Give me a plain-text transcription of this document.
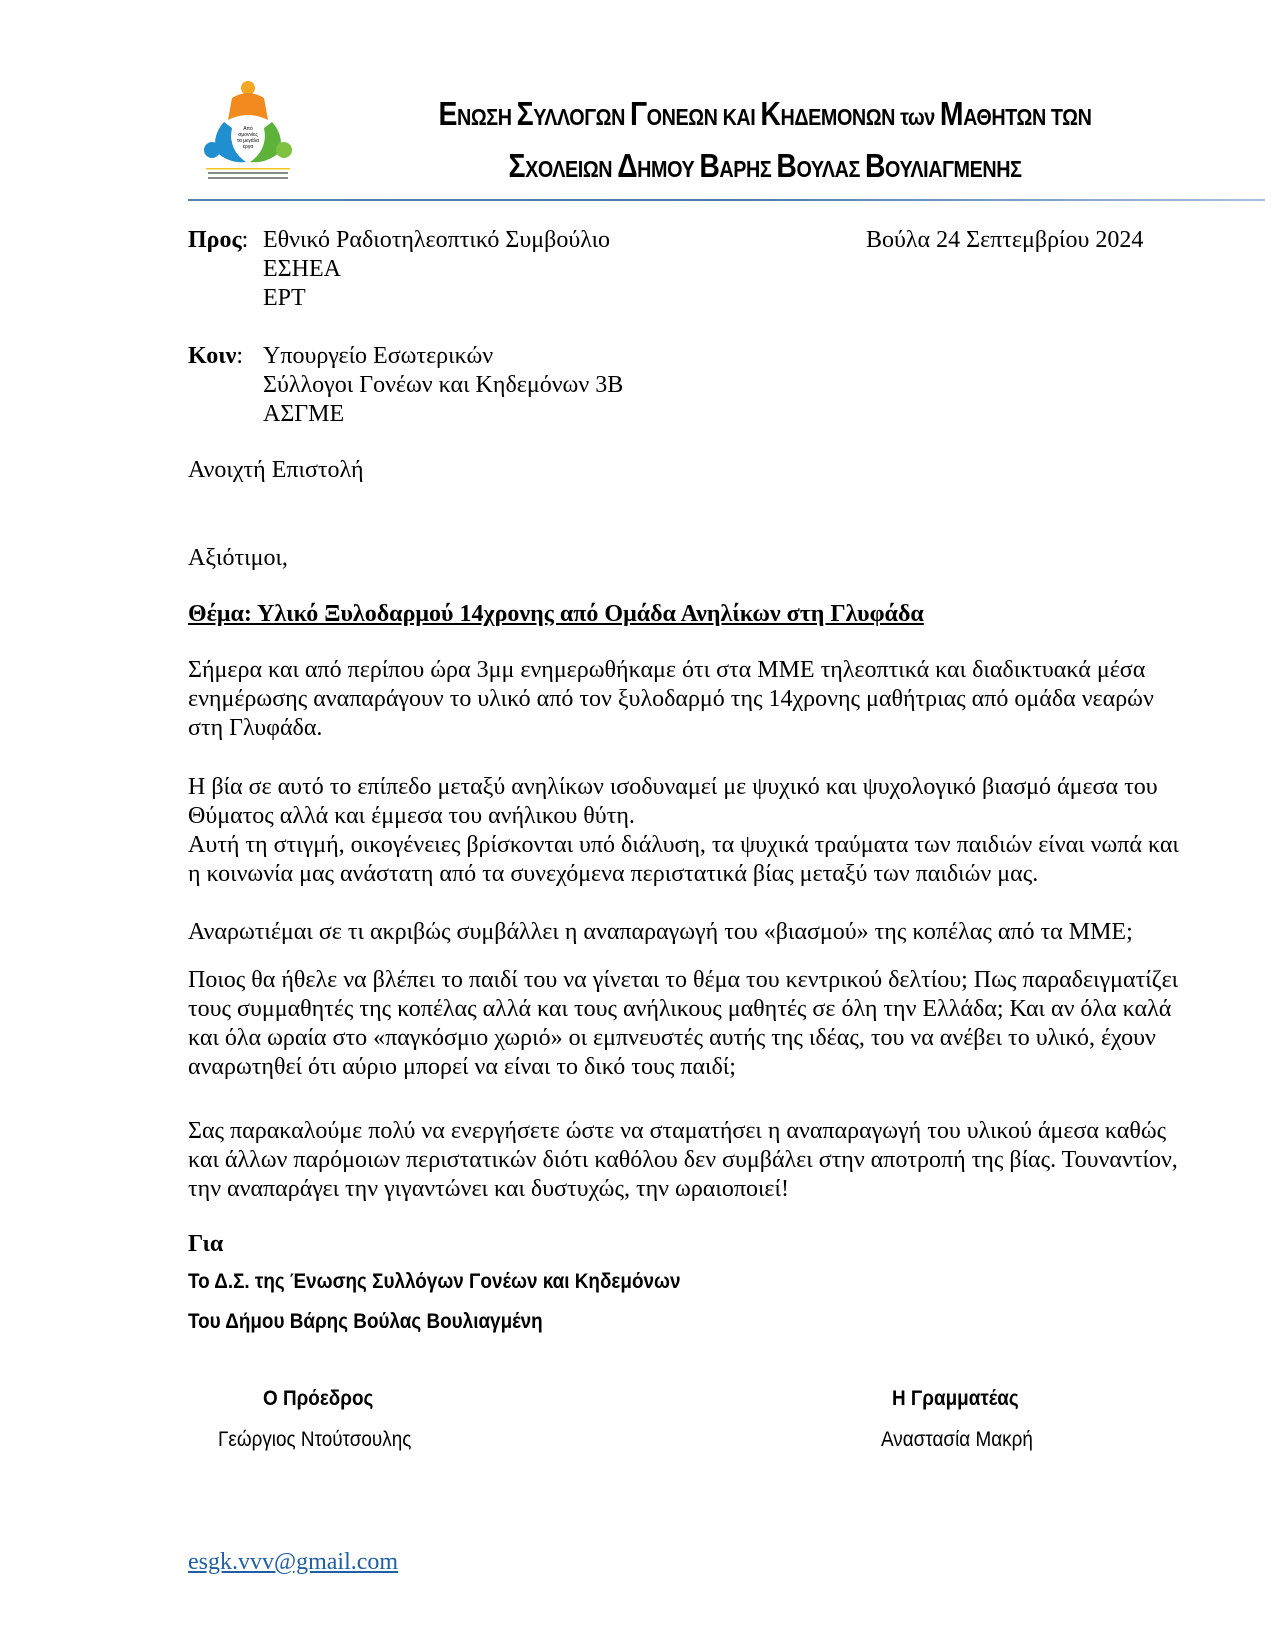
Από
σμοννίες
τα μεγάλα
έργα
ΕΝΩΣΗ ΣΥΛΛΟΓΩΝ ΓΟΝΕΩΝ ΚΑΙ ΚΗΔΕΜΟΝΩΝ των ΜΑΘΗΤΩΝ ΤΩΝ
ΣΧΟΛΕΙΩΝ ΔΗΜΟΥ ΒΑΡΗΣ ΒΟΥΛΑΣ ΒΟΥΛΙΑΓΜΕΝΗΣ
Προς: Εθνικό Ραδιοτηλεοπτικό Συμβούλιο
ΕΣΗΕΑ
ΕΡΤ
Βούλα 24 Σεπτεμβρίου 2024
Κοιν: Υπουργείο Εσωτερικών
Σύλλογοι Γονέων και Κηδεμόνων 3Β
ΑΣΓΜΕ
Ανοιχτή Επιστολή
Αξιότιμοι,
Θέμα: Υλικό Ξυλοδαρμού 14χρονης από Ομάδα Ανηλίκων στη Γλυφάδα
Σήμερα και από περίπου ώρα 3μμ ενημερωθήκαμε ότι στα ΜΜΕ τηλεοπτικά και διαδικτυακά μέσα
ενημέρωσης αναπαράγουν το υλικό από τον ξυλοδαρμό της 14χρονης μαθήτριας από ομάδα νεαρών
στη Γλυφάδα.
Η βία σε αυτό το επίπεδο μεταξύ ανηλίκων ισοδυναμεί με ψυχικό και ψυχολογικό βιασμό άμεσα του
Θύματος αλλά και έμμεσα του ανήλικου θύτη.
Αυτή τη στιγμή, οικογένειες βρίσκονται υπό διάλυση, τα ψυχικά τραύματα των παιδιών είναι νωπά και
η κοινωνία μας ανάστατη από τα συνεχόμενα περιστατικά βίας μεταξύ των παιδιών μας.
Αναρωτιέμαι σε τι ακριβώς συμβάλλει η αναπαραγωγή του «βιασμού» της κοπέλας από τα ΜΜΕ;
Ποιος θα ήθελε να βλέπει το παιδί του να γίνεται το θέμα του κεντρικού δελτίου; Πως παραδειγματίζει
τους συμμαθητές της κοπέλας αλλά και τους ανήλικους μαθητές σε όλη την Ελλάδα; Και αν όλα καλά
και όλα ωραία στο «παγκόσμιο χωριό» οι εμπνευστές αυτής της ιδέας, του να ανέβει το υλικό, έχουν
αναρωτηθεί ότι αύριο μπορεί να είναι το δικό τους παιδί;
Σας παρακαλούμε πολύ να ενεργήσετε ώστε να σταματήσει η αναπαραγωγή του υλικού άμεσα καθώς
και άλλων παρόμοιων περιστατικών διότι καθόλου δεν συμβάλει στην αποτροπή της βίας. Τουναντίον,
την αναπαράγει την γιγαντώνει και δυστυχώς, την ωραιοποιεί!
Για
Το Δ.Σ. της Ένωσης Συλλόγων Γονέων και Κηδεμόνων
Του Δήμου Βάρης Βούλας Βουλιαγμένη
Ο Πρόεδρος
Γεώργιος Ντούτσουλης
Η Γραμματέας
Αναστασία Μακρή
esgk.vvv@gmail.com
